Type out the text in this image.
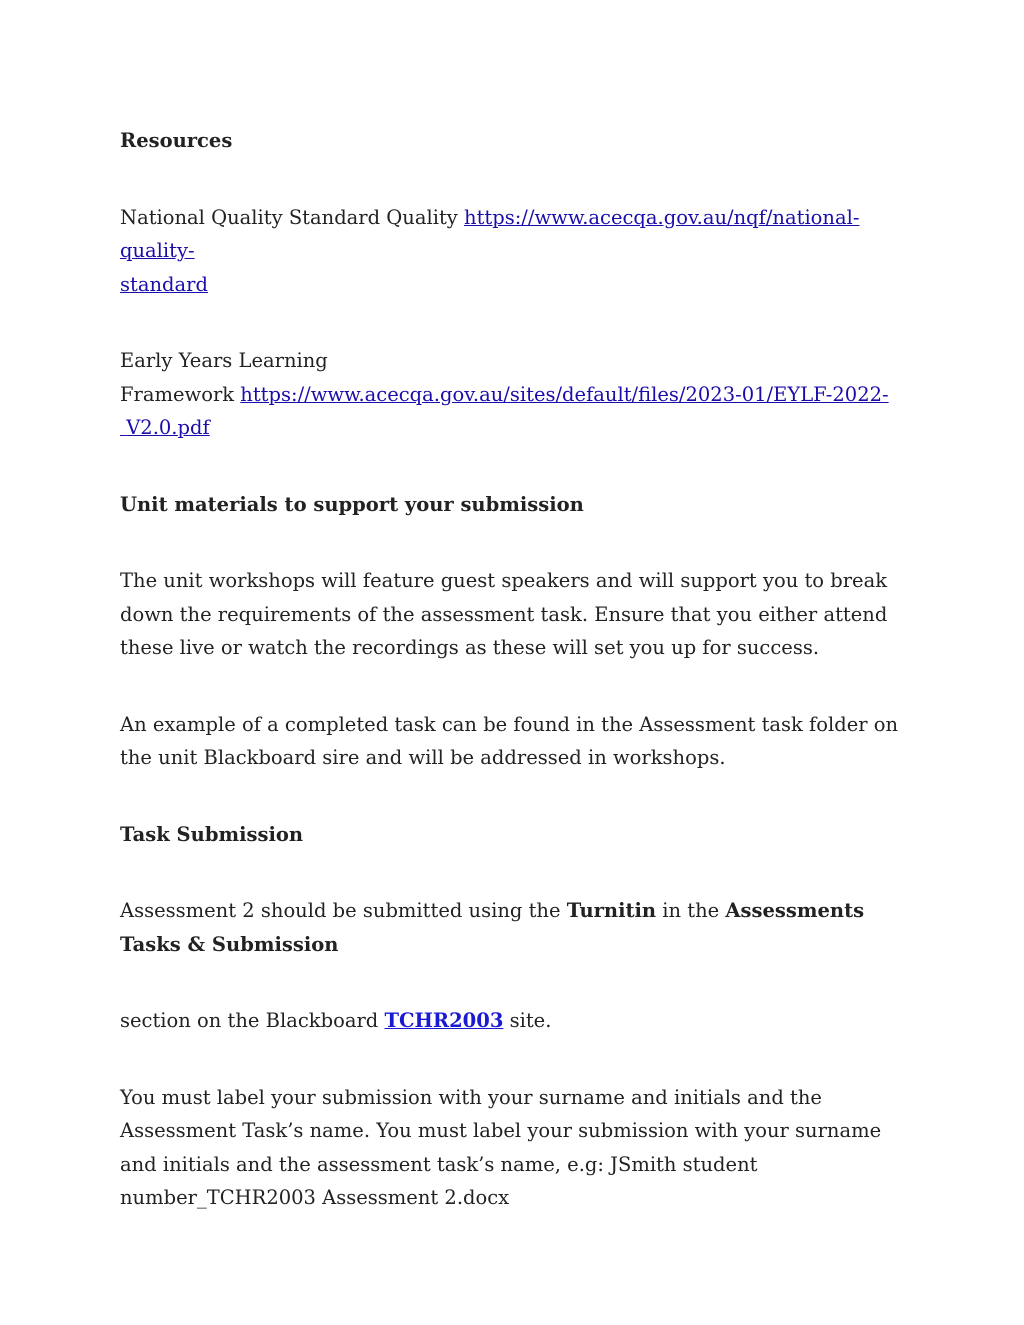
Resources

National Quality Standard Quality https://www.acecqa.gov.au/nqf/national-quality-
standard

Early Years Learning
Framework https://www.acecqa.gov.au/sites/default/files/2023-01/EYLF-2022-
V2.0.pdf

Unit materials to support your submission

The unit workshops will feature guest speakers and will support you to break down the requirements of the assessment task. Ensure that you either attend these live or watch the recordings as these will set you up for success.

An example of a completed task can be found in the Assessment task folder on the unit Blackboard sire and will be addressed in workshops.

Task Submission

Assessment 2 should be submitted using the Turnitin in the Assessments Tasks & Submission

section on the Blackboard TCHR2003 site.

You must label your submission with your surname and initials and the Assessment Task’s name. You must label your submission with your surname and initials and the assessment task’s name, e.g: JSmith student number_TCHR2003 Assessment 2.docx
